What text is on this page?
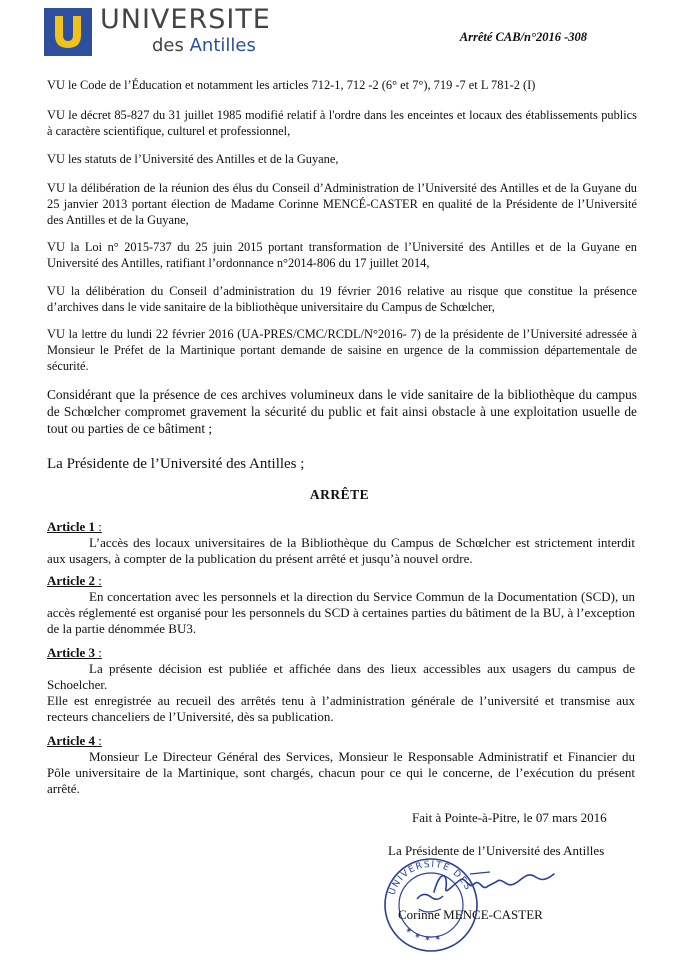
UNIVERSITE
des Antilles	Arrêté CAB/n°2016 -308
VU le Code de l’Éducation et notamment les articles 712-1, 712 -2 (6° et 7°), 719 -7 et L 781-2 (I)
VU le décret 85-827 du 31 juillet 1985 modifié relatif à l'ordre dans les enceintes et locaux des établissements publics à caractère scientifique, culturel et professionnel,
VU les statuts de l’Université des Antilles et de la Guyane,
VU la délibération de la réunion des élus du Conseil d’Administration de l’Université des Antilles et de la Guyane du 25 janvier 2013 portant élection de Madame Corinne MENCÉ-CASTER en qualité de la Présidente de l’Université des Antilles et de la Guyane,
VU la Loi n° 2015-737 du 25 juin 2015 portant transformation de l’Université des Antilles et de la Guyane en Université des Antilles, ratifiant l’ordonnance n°2014-806 du 17 juillet 2014,
VU la délibération du Conseil d’administration du 19 février 2016 relative au risque que constitue la présence d’archives dans le vide sanitaire de la bibliothèque universitaire du Campus de Schœlcher,
VU la lettre du lundi 22 février 2016 (UA-PRES/CMC/RCDL/N°2016- 7) de la présidente de l’Université adressée à Monsieur le Préfet de la Martinique portant demande de saisine en urgence de la commission départementale de sécurité.
Considérant que la présence de ces archives volumineux dans le vide sanitaire de la bibliothèque du campus de Schœlcher compromet gravement la sécurité du public et fait ainsi obstacle à une exploitation usuelle de tout ou parties de ce bâtiment ;
La Présidente de l’Université des Antilles ;
ARRÊTE
Article 1 :
L’accès des locaux universitaires de la Bibliothèque du Campus de Schœlcher est strictement interdit aux usagers, à compter de la publication du présent arrêté et jusqu’à nouvel ordre.
Article 2 :
En concertation avec les personnels et la direction du Service Commun de la Documentation (SCD), un accès réglementé est organisé pour les personnels du SCD à certaines parties du bâtiment de la BU, à l’exception de la partie dénommée BU3.
Article 3 :
La présente décision est publiée et affichée dans des lieux accessibles aux usagers du campus de Schoelcher.
Elle est enregistrée au recueil des arrêtés tenu à l’administration générale de l’université et transmise aux recteurs chanceliers de l’Université, dès sa publication.
Article 4 :
Monsieur Le Directeur Général des Services, Monsieur le Responsable Administratif et Financier du Pôle universitaire de la Martinique, sont chargés, chacun pour ce qui le concerne, de l’exécution du présent arrêté.
Fait à Pointe-à-Pitre, le 07 mars 2016
La Présidente de l’Université des Antilles
UNIVERSITE DES
✶ ✶ ✶ ✶
Corinne MENCE-CASTER
